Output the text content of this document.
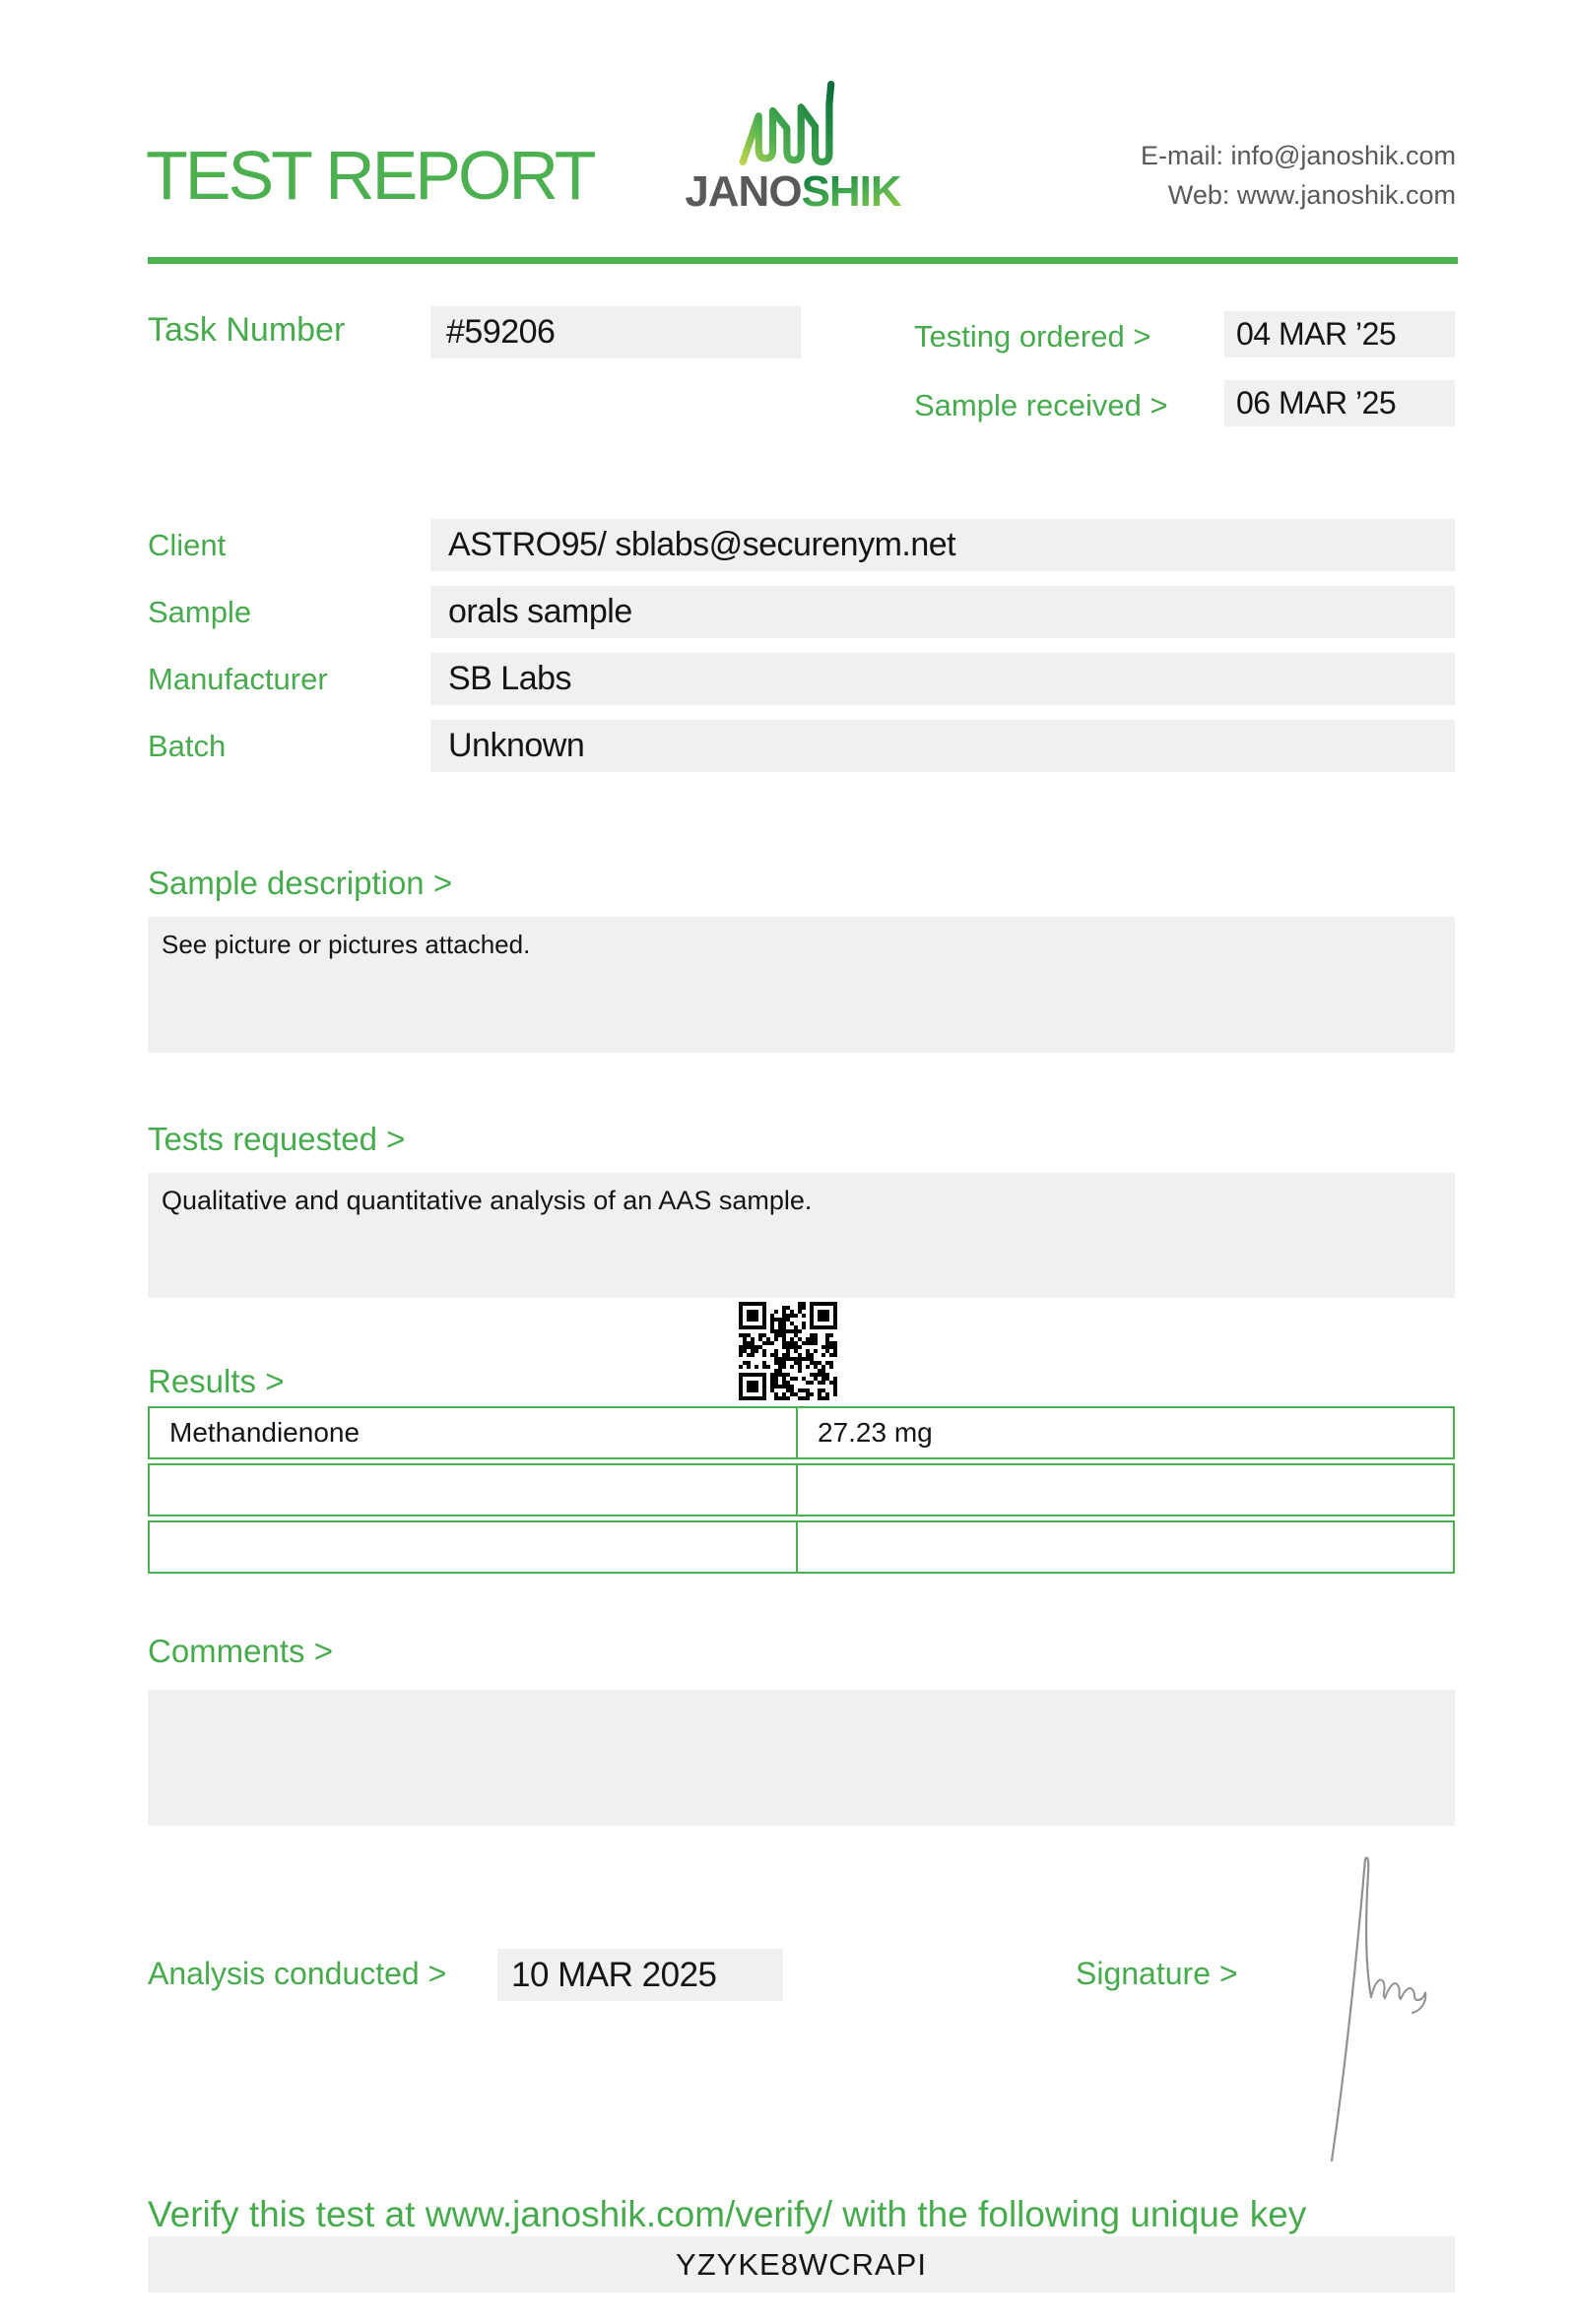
TEST REPORT JANOSHIK
E-mail: info@janoshik.com
Web: www.janoshik.com
Task Number	#59206	Testing ordered >	04 MAR ’25
Sample received > 06 MAR ’25
Client	ASTRO95/ sblabs@securenym.net
Sample	orals sample
Manufacturer	SB Labs
Batch	Unknown
Sample description >
See picture or pictures attached.
Tests requested >
Qualitative and quantitative analysis of an AAS sample.
Results >
Methandienone	27.23 mg
Comments >
Analysis conducted > 10 MAR 2025	Signature >
Verify this test at www.janoshik.com/verify/ with the following unique key
YZYKE8WCRAPI
